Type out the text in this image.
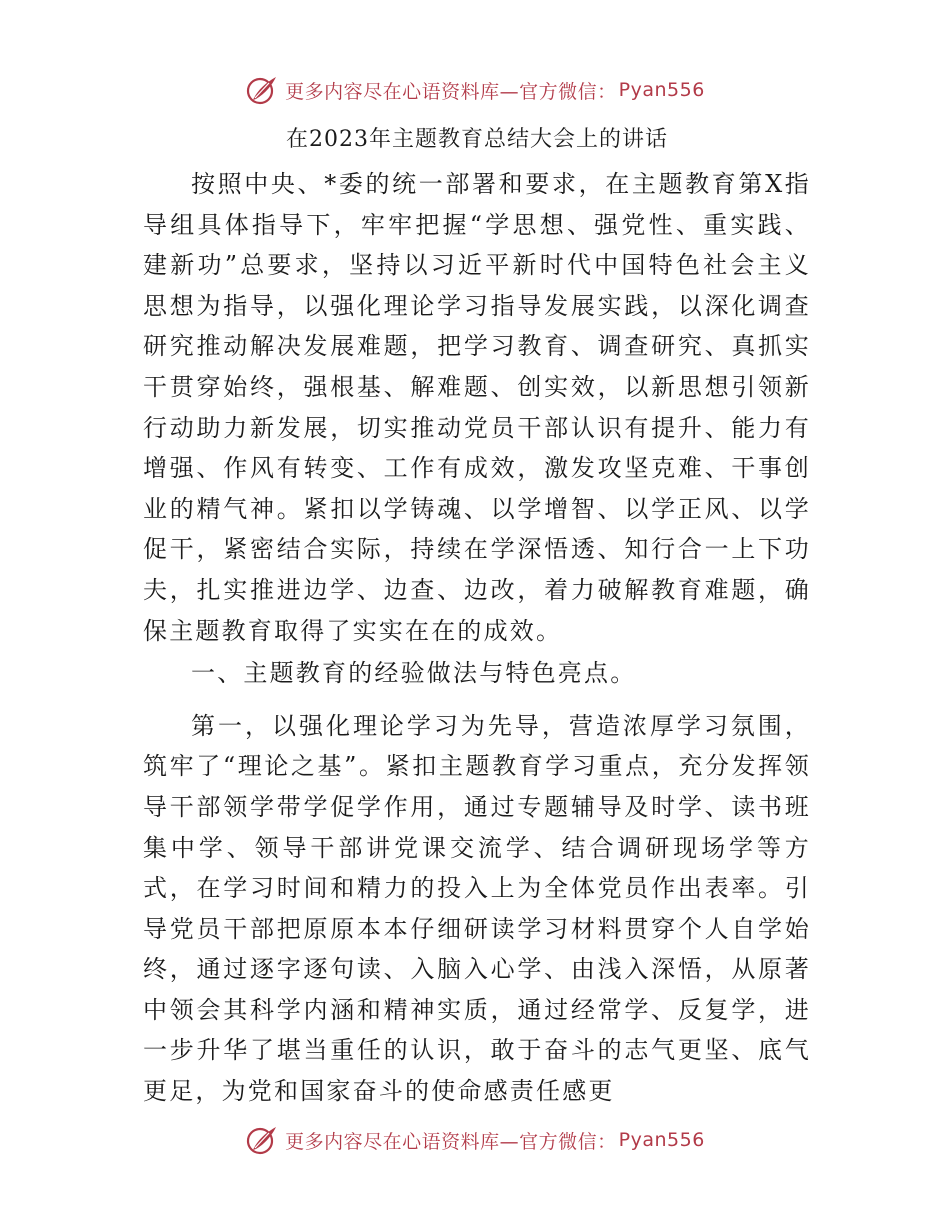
更多内容尽在心语资料库—官方微信： Pyan556
在2023年主题教育总结大会上的讲话

按照中央、*委的统一部署和要求，在主题教育第X指导组具体指导下，牢牢把握“学思想、强党性、重实践、建新功”总要求，坚持以习近平新时代中国特色社会主义思想为指导，以强化理论学习指导发展实践，以深化调查研究推动解决发展难题，把学习教育、调查研究、真抓实干贯穿始终，强根基、解难题、创实效，以新思想引领新行动助力新发展，切实推动党员干部认识有提升、能力有增强、作风有转变、工作有成效，激发攻坚克难、干事创业的精气神。紧扣以学铸魂、以学增智、以学正风、以学促干，紧密结合实际，持续在学深悟透、知行合一上下功夫，扎实推进边学、边查、边改，着力破解教育难题，确保主题教育取得了实实在在的成效。

一、主题教育的经验做法与特色亮点。

第一，以强化理论学习为先导，营造浓厚学习氛围，筑牢了“理论之基”。紧扣主题教育学习重点，充分发挥领导干部领学带学促学作用，通过专题辅导及时学、读书班集中学、领导干部讲党课交流学、结合调研现场学等方式，在学习时间和精力的投入上为全体党员作出表率。引导党员干部把原原本本仔细研读学习材料贯穿个人自学始终，通过逐字逐句读、入脑入心学、由浅入深悟，从原著中领会其科学内涵和精神实质，通过经常学、反复学，进一步升华了堪当重任的认识，敢于奋斗的志气更坚、底气更足，为党和国家奋斗的使命感责任感更

更多内容尽在心语资料库—官方微信： Pyan556
